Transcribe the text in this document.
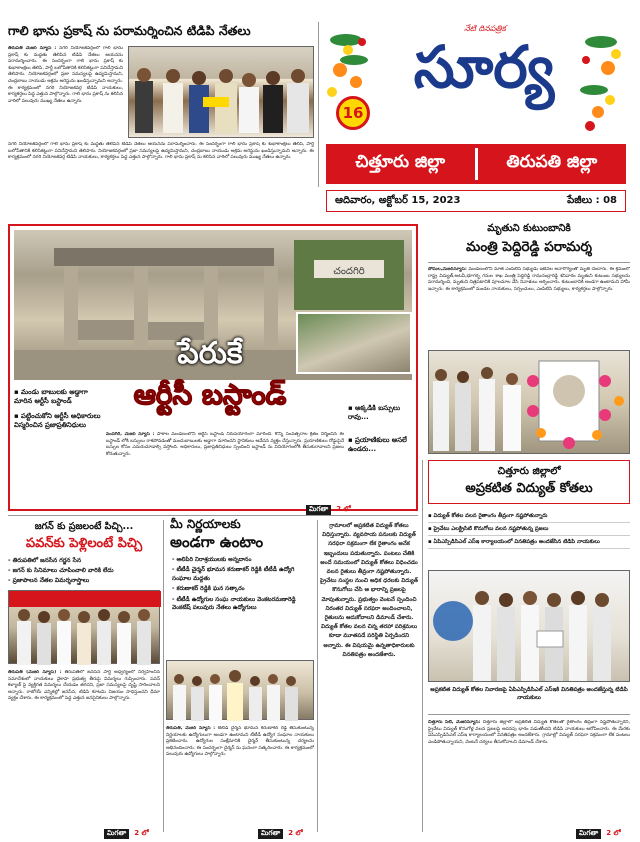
గాలి భాను ప్రకాష్ ను పరామర్శించిన టిడిపి నేతలు
తిరుపతి మేజర్ న్యూస్ : నగరి నియోజకవర్గంలో గాలి భాను ప్రకాష్ కు మద్దతు తెలిపిన టిడిపి నేతలు ఆయనను పరామర్శించారు. ఈ సందర్భంగా గాలి భాను ప్రకాష్ కు శుభాకాంక్షలు తెలిపి, పార్టీ బలోపేతానికి కలిసికట్టుగా పనిచేస్తామని తెలిపారు. నియోజకవర్గంలో ప్రజా సమస్యలపై ఉద్యమిస్తామని, చంద్రబాబు నాయుడు అక్రమ అరెస్టును ఖండిస్తున్నామని అన్నారు. ఈ కార్యక్రమంలో నగరి నియోజకవర్గ టిడిపి నాయకులు, కార్యకర్తలు పెద్ద ఎత్తున పాల్గొన్నారు. గాలి భాను ప్రకాష్ ను కలిసిన వారిలో పలువురు ముఖ్య నేతలు ఉన్నారు.
నగరి నియోజకవర్గంలో గాలి భాను ప్రకాష్ కు మద్దతు తెలిపిన టిడిపి నేతలు ఆయనను పరామర్శించారు. ఈ సందర్భంగా గాలి భాను ప్రకాష్ కు శుభాకాంక్షలు తెలిపి, పార్టీ బలోపేతానికి కలిసికట్టుగా పనిచేస్తామని తెలిపారు. నియోజకవర్గంలో ప్రజా సమస్యలపై ఉద్యమిస్తామని, చంద్రబాబు నాయుడు అక్రమ అరెస్టును ఖండిస్తున్నామని అన్నారు. ఈ కార్యక్రమంలో నగరి నియోజకవర్గ టిడిపి నాయకులు, కార్యకర్తలు పెద్ద ఎత్తున పాల్గొన్నారు. గాలి భాను ప్రకాష్ ను కలిసిన వారిలో పలువురు ముఖ్య నేతలు ఉన్నారు.
నేటి దినపత్రిక
సూర్య
16
చిత్తూరు జిల్లా	తిరుపతి జిల్లా
ఆదివారం, అక్టోబర్ 15, 2023	పేజీలు : 08
చందగిరి
పేరుకే
ఆర్టీసీ బస్టాండ్
▪ మండు బాబులకు అడ్డాగా మారిన ఆర్టీసీ బస్టాండ్
▪ పట్టించుకోని ఆర్టీసీ అధికారులు విస్మరించిన ప్రజాప్రతినిధులు
▪ అక్కడికి బస్సులు రావు...
▪ ప్రయాణికులు అసలే ఉండరు...
వందగిరి, మేజర్ న్యూస్ : పాకాల మండలంలోని ఆర్టీసీ బస్టాండ్ నిరుపయోగంగా మారింది. కొన్ని సంవత్సరాల క్రితం నిర్మించిన ఈ బస్టాండ్ లోకి బస్సులు రాకపోవడంతో మందుబాబులకు అడ్డాగా మారిందని స్థానికులు ఆవేదన వ్యక్తం చేస్తున్నారు. ప్రయాణికులు రోడ్డుపైనే బస్సుల కోసం ఎదురుచూడాల్సి వస్తోంది. అధికారులు, ప్రజాప్రతినిధులు స్పందించి బస్టాండ్ ను వినియోగంలోకి తీసుకురావాలని ప్రజలు కోరుతున్నారు.
మిగతా 2 లో
మృతుని కుటుంబానికి
మంత్రి పెద్దిరెడ్డి పరామర్శ
సోమల,మేజర్‌న్యూస్: మండలంలోని మాజీ ఎంపిటిసి సభ్యుడు ఇటీవల అనారోగ్యంతో మృతి చెందారు. ఈ క్రమంలో రాష్ట్ర విద్యుత్,అటవీ,భూగర్భ గనుల శాఖ మంత్రి పెద్దిరెడ్డి రామచంద్రారెడ్డి శనివారం మృతుని కుటుంబ సభ్యులను పరామర్శించి, మృతుని చిత్రపటానికి పూలమాల వేసి నివాళులు అర్పించారు. కుటుంబానికి అండగా ఉంటామని హామీ ఇచ్చారు. ఈ కార్యక్రమంలో మండల నాయకులు, సర్పంచులు, ఎంపిటిసి సభ్యులు, కార్యకర్తలు పాల్గొన్నారు.
చిత్తూరు జిల్లాలో
అప్రకటిత విద్యుత్ కోతలు
▪ విద్యుత్ కోతల వలన రైతాంగం తీవ్రంగా నష్టపోతున్నారు
▪ ప్రైవేటు ఎలక్ట్రిసిటి కొనుగోలు వలన నష్టపోతున్న ప్రజలు
▪ ఏపిఎస్పిడిసిఎల్ ఎస్ఇ కార్యాలయంలో వినతిపత్రం అందజేసిన టిడిపి నాయకులు
అప్రకటిత విద్యుత్ కోతల నివారణపై ఏపిఎస్పిడిసిఎల్ ఎస్ఇకి వినతిపత్రం అందజేస్తున్న టిడిపి నాయకులు
చిత్తూరు సిటీ, మేజర్‌న్యూస్: చిత్తూరు జిల్లాలో అప్రకటిత విద్యుత్ కోతలతో రైతాంగం తీవ్రంగా నష్టపోతున్నారని, ప్రైవేటు విద్యుత్ కొనుగోళ్ల వలన ప్రజలపై అదనపు భారం పడుతోందని టిడిపి నాయకులు ఆరోపించారు. ఈ మేరకు ఏపిఎస్పిడిసిఎల్ ఎస్ఇ కార్యాలయంలో వినతిపత్రం అందజేశారు. గ్రామాల్లో విద్యుత్ సరఫరా సక్రమంగా లేక పంటలు ఎండిపోతున్నాయని, వెంటనే చర్యలు తీసుకోవాలని డిమాండ్ చేశారు.
మిగతా 2 లో
జగన్ కు ప్రజలంటే పిచ్చి...
పవన్‌కు పెళ్లిలంటే పిచ్చి
- తిరుపతిలో జనసేన గర్జన సేన
- జగన్ కు సినిమాలు చూపించాలి వారికి లేదు
- ప్రజాపాలన నేతల విమర్శనాస్త్రాలు
తిరుపతి (మేజర్ న్యూస్) : తిరుపతిలో జనసేన పార్టీ ఆధ్వర్యంలో నిర్వహించిన సమావేశంలో నాయకులు వైకాపా ప్రభుత్వ తీరుపై విమర్శలు గుప్పించారు. పవన్ కళ్యాణ్ పై వ్యక్తిగత విమర్శలు చేయడం తగదని, ప్రజా సమస్యలపై దృష్టి సారించాలని అన్నారు. రాబోయే ఎన్నికల్లో జనసేన, టిడిపి కూటమి విజయం సాధిస్తుందని ధీమా వ్యక్తం చేశారు. ఈ కార్యక్రమంలో పెద్ద ఎత్తున జనసైనికులు పాల్గొన్నారు.
మిగతా 2 లో
మీ నిర్ణయాలకు
అండగా ఉంటాం
- అలిపిరి నిరాశ్రయులకు అన్నదానం
- టీటీడీ చైర్మన్ భూమన కరుణాకర్ రెడ్డికి టీటీడీ ఉద్యోగి సంఘాల మద్దతు
- కరుణాకర్ రెడ్డికి ఘన సత్కారం
- టీటీడీ ఉద్యోగుల సంఘ నాయకులు వెంకటరమణారెడ్డి వెంకటేష్ పలువురు నేతలు ఉద్యోగులు
తిరుపతి, మేజర్ న్యూస్ : టీటీడీ చైర్మన్ భూమన కరుణాకర్ రెడ్డి తీసుకుంటున్న నిర్ణయాలకు ఉద్యోగులుగా అండగా ఉంటామని టీటీడీ ఉద్యోగ సంఘాల నాయకులు ప్రకటించారు. ఉద్యోగుల సంక్షేమానికి చైర్మన్ తీసుకుంటున్న చర్యలను అభినందించారు. ఈ సందర్భంగా చైర్మన్ ను ఘనంగా సత్కరించారు. ఈ కార్యక్రమంలో పలువురు ఉద్యోగులు పాల్గొన్నారు.
మిగతా 2 లో
గ్రామాలలో అప్రకటిత విద్యుత్ కోతలు విధిస్తున్నారు. వ్యవసాయ పనులకు విద్యుత్ సరఫరా సక్రమంగా లేక రైతాంగం అనేక ఇబ్బందులు పడుతున్నారు. పంటలు చేతికి అందే సమయంలో విద్యుత్ కోతలు విధించడం వలన రైతులు తీవ్రంగా నష్టపోతున్నారు. ప్రైవేటు సంస్థల నుంచి అధిక ధరలకు విద్యుత్ కొనుగోలు చేసి ఆ భారాన్ని ప్రజలపై మోపుతున్నారు. ప్రభుత్వం వెంటనే స్పందించి నిరంతర విద్యుత్ సరఫరా అందించాలని, రైతులను ఆదుకోవాలని డిమాండ్ చేశారు. విద్యుత్ కోతల వలన చిన్న తరహా పరిశ్రమలు కూడా మూతపడే పరిస్థితి ఏర్పడిందని అన్నారు. ఈ విషయమై ఉన్నతాధికారులకు వినతిపత్రం అందజేశారు.
